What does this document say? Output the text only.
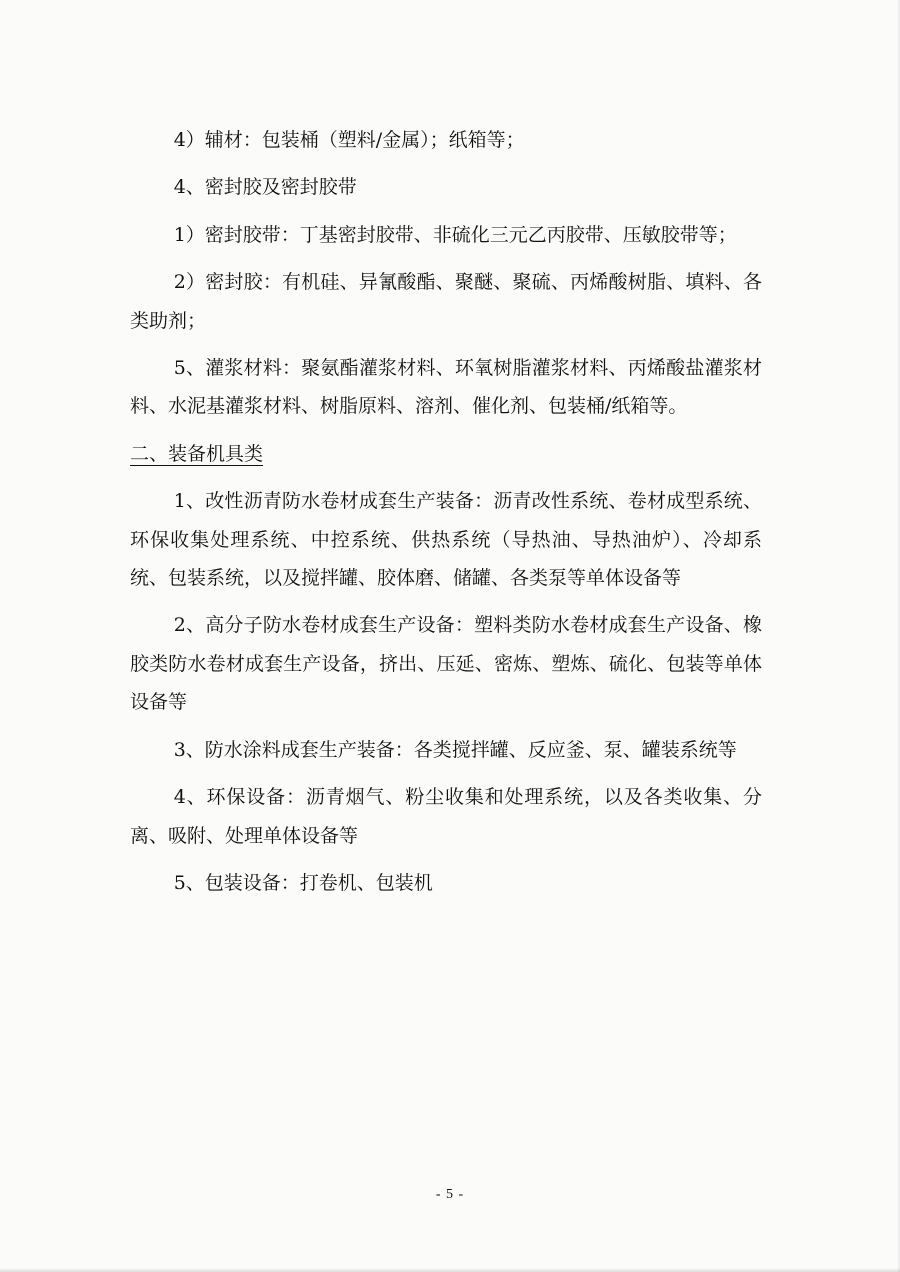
4）辅材：包装桶（塑料/金属）；纸箱等；

4、密封胶及密封胶带

1）密封胶带：丁基密封胶带、非硫化三元乙丙胶带、压敏胶带等；

2）密封胶：有机硅、异氰酸酯、聚醚、聚硫、丙烯酸树脂、填料、各类助剂；

5、灌浆材料：聚氨酯灌浆材料、环氧树脂灌浆材料、丙烯酸盐灌浆材料、水泥基灌浆材料、树脂原料、溶剂、催化剂、包装桶/纸箱等。

二、装备机具类

1、改性沥青防水卷材成套生产装备：沥青改性系统、卷材成型系统、环保收集处理系统、中控系统、供热系统（导热油、导热油炉）、冷却系统、包装系统，以及搅拌罐、胶体磨、储罐、各类泵等单体设备等

2、高分子防水卷材成套生产设备：塑料类防水卷材成套生产设备、橡胶类防水卷材成套生产设备，挤出、压延、密炼、塑炼、硫化、包装等单体设备等

3、防水涂料成套生产装备：各类搅拌罐、反应釜、泵、罐装系统等

4、环保设备：沥青烟气、粉尘收集和处理系统，以及各类收集、分离、吸附、处理单体设备等

5、包装设备：打卷机、包装机

- 5 -
